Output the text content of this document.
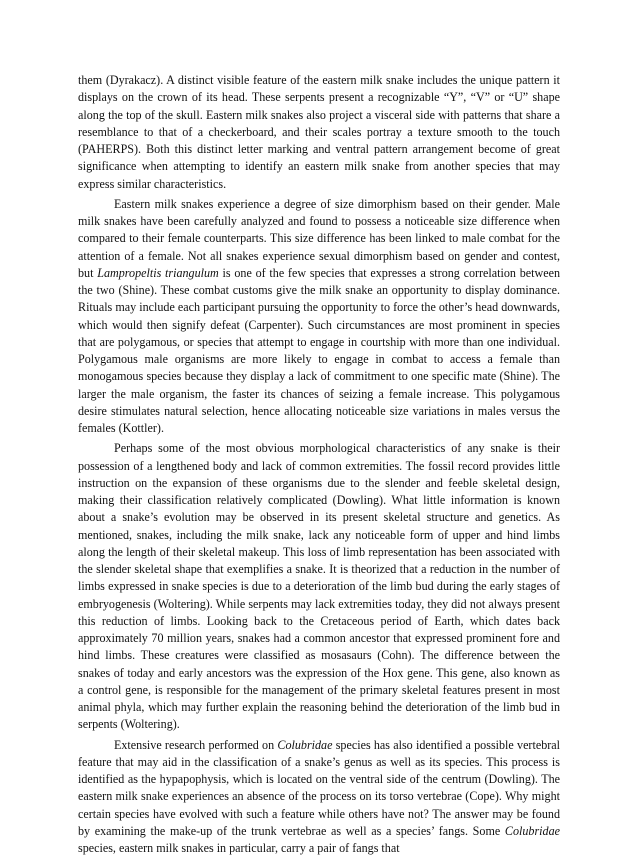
them (Dyrakacz). A distinct visible feature of the eastern milk snake includes the unique pattern it displays on the crown of its head. These serpents present a recognizable “Y”, “V” or “U” shape along the top of the skull. Eastern milk snakes also project a visceral side with patterns that share a resemblance to that of a checkerboard, and their scales portray a texture smooth to the touch (PAHERPS). Both this distinct letter marking and ventral pattern arrangement become of great significance when attempting to identify an eastern milk snake from another species that may express similar characteristics.

Eastern milk snakes experience a degree of size dimorphism based on their gender. Male milk snakes have been carefully analyzed and found to possess a noticeable size difference when compared to their female counterparts. This size difference has been linked to male combat for the attention of a female. Not all snakes experience sexual dimorphism based on gender and contest, but Lampropeltis triangulum is one of the few species that expresses a strong correlation between the two (Shine). These combat customs give the milk snake an opportunity to display dominance. Rituals may include each participant pursuing the opportunity to force the other’s head downwards, which would then signify defeat (Carpenter). Such circumstances are most prominent in species that are polygamous, or species that attempt to engage in courtship with more than one individual. Polygamous male organisms are more likely to engage in combat to access a female than monogamous species because they display a lack of commitment to one specific mate (Shine). The larger the male organism, the faster its chances of seizing a female increase. This polygamous desire stimulates natural selection, hence allocating noticeable size variations in males versus the females (Kottler).

Perhaps some of the most obvious morphological characteristics of any snake is their possession of a lengthened body and lack of common extremities. The fossil record provides little instruction on the expansion of these organisms due to the slender and feeble skeletal design, making their classification relatively complicated (Dowling). What little information is known about a snake’s evolution may be observed in its present skeletal structure and genetics. As mentioned, snakes, including the milk snake, lack any noticeable form of upper and hind limbs along the length of their skeletal makeup. This loss of limb representation has been associated with the slender skeletal shape that exemplifies a snake. It is theorized that a reduction in the number of limbs expressed in snake species is due to a deterioration of the limb bud during the early stages of embryogenesis (Woltering). While serpents may lack extremities today, they did not always present this reduction of limbs. Looking back to the Cretaceous period of Earth, which dates back approximately 70 million years, snakes had a common ancestor that expressed prominent fore and hind limbs. These creatures were classified as mosasaurs (Cohn). The difference between the snakes of today and early ancestors was the expression of the Hox gene. This gene, also known as a control gene, is responsible for the management of the primary skeletal features present in most animal phyla, which may further explain the reasoning behind the deterioration of the limb bud in serpents (Woltering).

Extensive research performed on Colubridae species has also identified a possible vertebral feature that may aid in the classification of a snake’s genus as well as its species. This process is identified as the hypapophysis, which is located on the ventral side of the centrum (Dowling). The eastern milk snake experiences an absence of the process on its torso vertebrae (Cope). Why might certain species have evolved with such a feature while others have not? The answer may be found by examining the make-up of the trunk vertebrae as well as a species’ fangs. Some Colubridae species, eastern milk snakes in particular, carry a pair of fangs that
